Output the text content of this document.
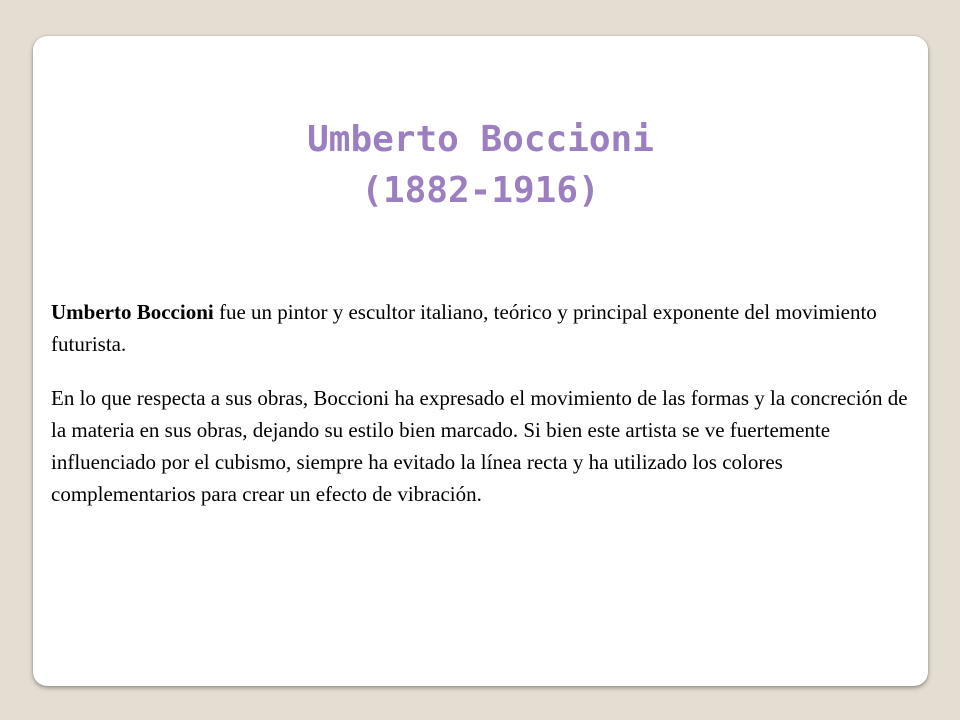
Umberto Boccioni
(1882-1916)

Umberto Boccioni fue un pintor y escultor italiano, teórico y principal exponente del movimiento futurista.

En lo que respecta a sus obras, Boccioni ha expresado el movimiento de las formas y la concreción de la materia en sus obras, dejando su estilo bien marcado. Si bien este artista se ve fuertemente influenciado por el cubismo, siempre ha evitado la línea recta y ha utilizado los colores complementarios para crear un efecto de vibración.
